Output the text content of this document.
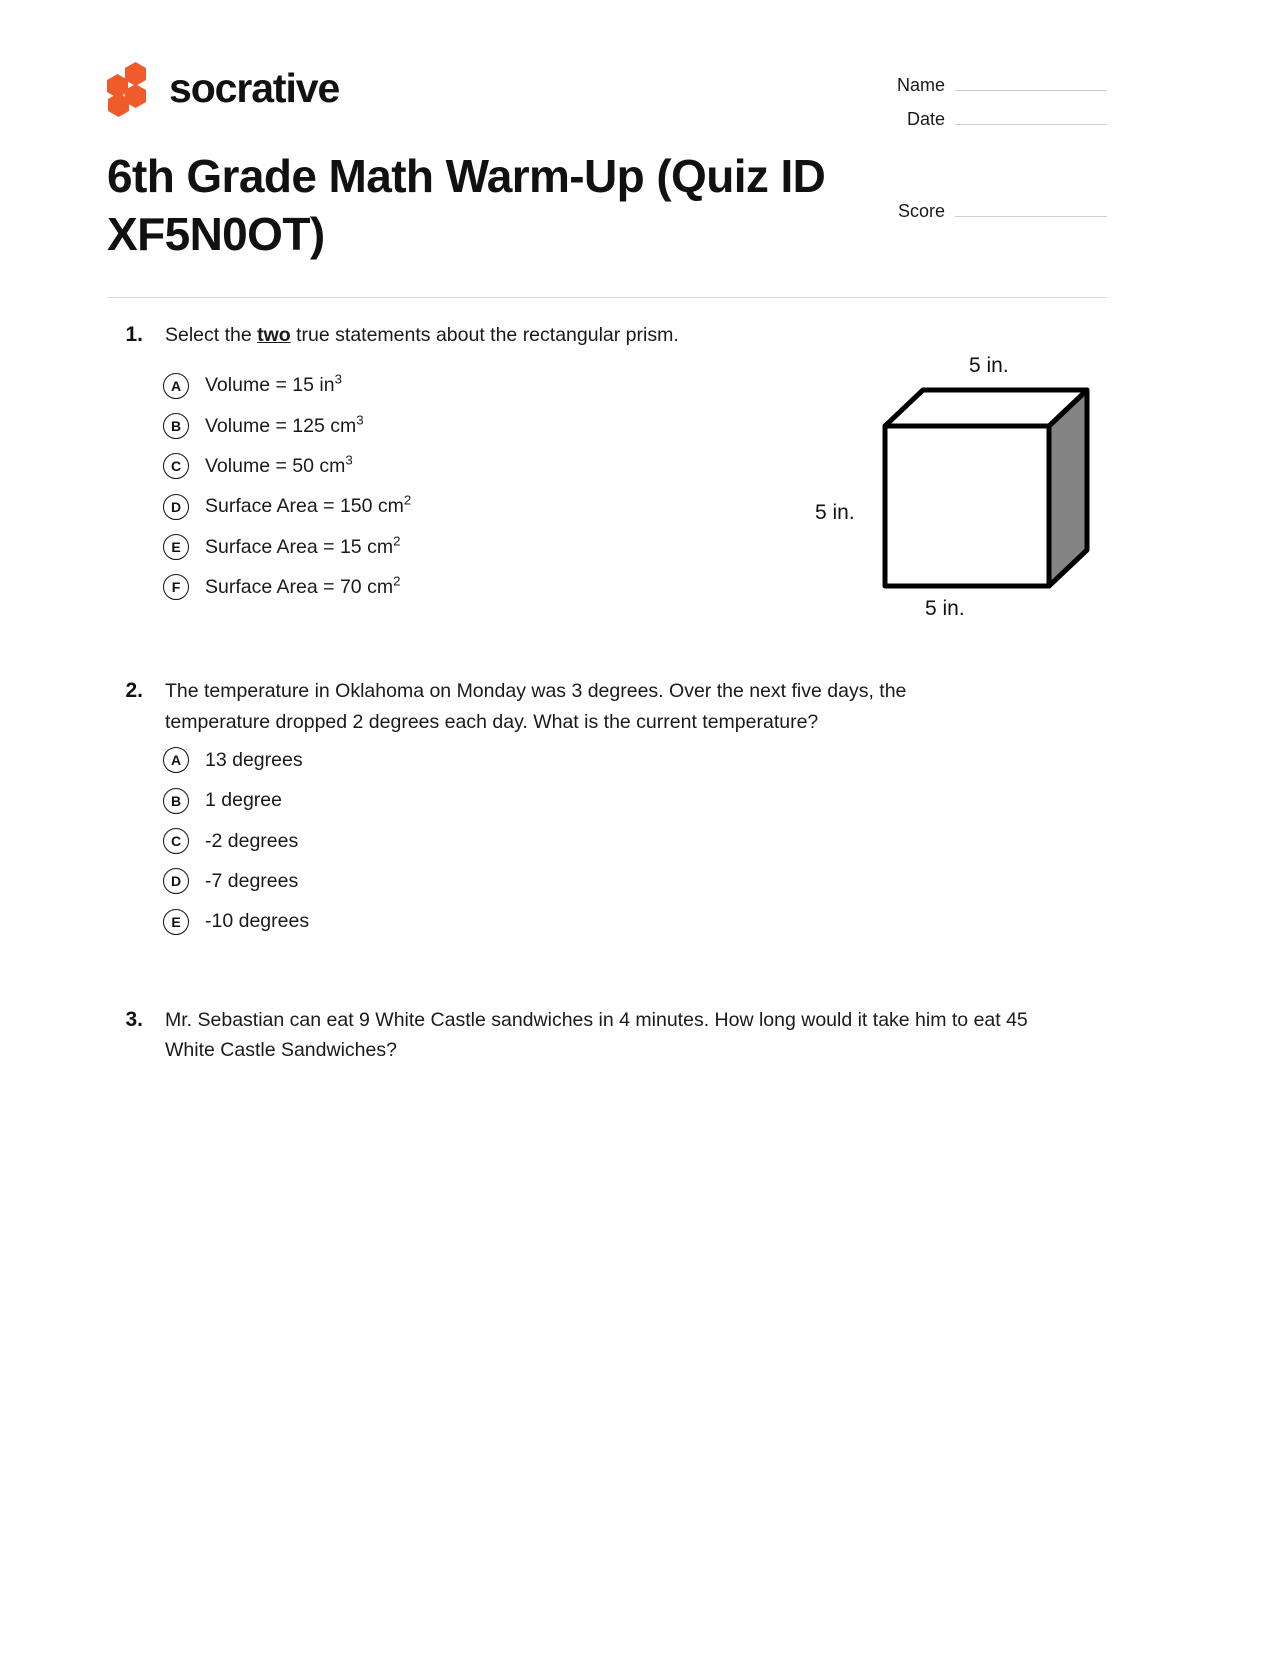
socrative	Name
Date
Score
6th Grade Math Warm-Up (Quiz ID XF5N0OT)
1.	Select the two true statements about the rectangular prism.
A	Volume = 15 $in^3$
B	Volume = 125 $cm^3$
C	Volume = 50 $cm^3$
D	Surface Area = 150 $cm^2$
E	Surface Area = 15 $cm^2$
F	Surface Area = 70 $cm^2$
5 in.
5 in.
5 in.
2.	The temperature in Oklahoma on Monday was 3 degrees. Over the next five days, the temperature dropped 2 degrees each day. What is the current temperature?
A	13 degrees
B	1 degree
C	-2 degrees
D	-7 degrees
E	-10 degrees
3.	Mr. Sebastian can eat 9 White Castle sandwiches in 4 minutes. How long would it take him to eat 45 White Castle Sandwiches?
